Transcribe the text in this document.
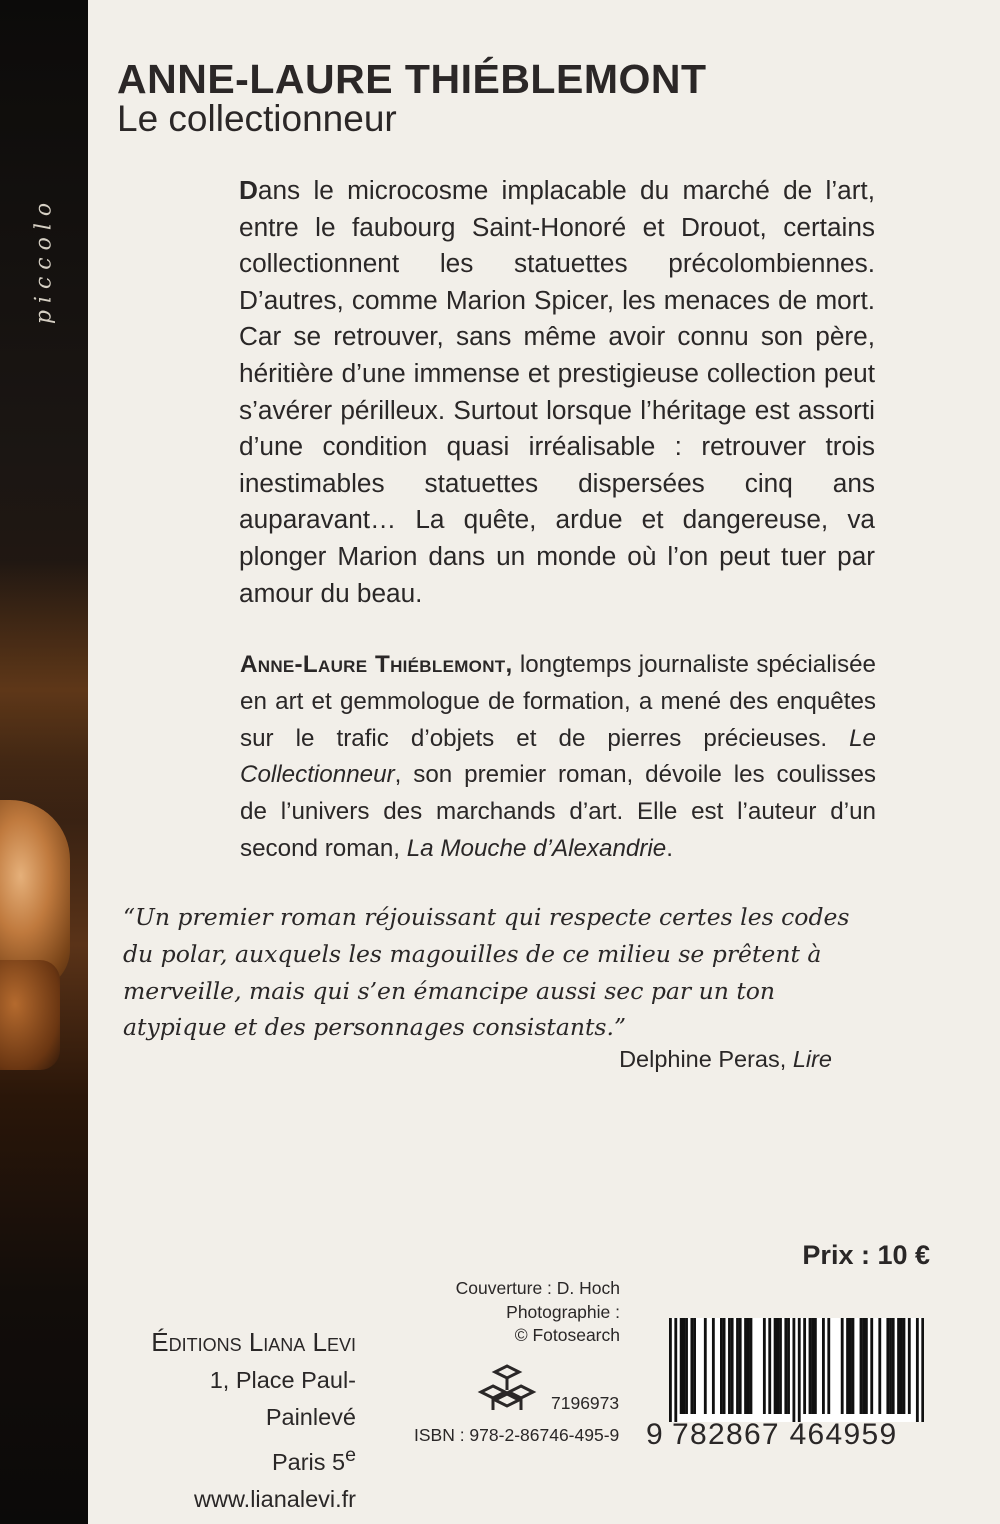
piccolo
ANNE-LAURE THIÉBLEMONT
Le collectionneur

Dans le microcosme implacable du marché de l’art, entre le faubourg Saint-Honoré et Drouot, certains collectionnent les statuettes précolombiennes. D’autres, comme Marion Spicer, les menaces de mort. Car se retrouver, sans même avoir connu son père, héritière d’une immense et prestigieuse collection peut s’avérer périlleux. Surtout lorsque l’héritage est assorti d’une condition quasi irréalisable : retrouver trois inestimables statuettes dispersées cinq ans auparavant… La quête, ardue et dangereuse, va plonger Marion dans un monde où l’on peut tuer par amour du beau.

Anne-Laure Thiéblemont, longtemps journaliste spécialisée en art et gemmologue de formation, a mené des enquêtes sur le trafic d’objets et de pierres précieuses. Le Collectionneur, son premier roman, dévoile les coulisses de l’univers des marchands d’art. Elle est l’auteur d’un second roman, La Mouche d’Alexandrie.

“Un premier roman réjouissant qui respecte certes les codes du polar, auxquels les magouilles de ce milieu se prêtent à merveille, mais qui s’en émancipe aussi sec par un ton atypique et des personnages consistants.”

Delphine Peras, Lire
Prix : 10 €
Éditions Liana Levi
1, Place Paul-Painlevé
Paris 5e
www.lianalevi.fr
Couverture : D. Hoch
Photographie :
© Fotosearch
7196973
ISBN : 978-2-86746-495-9 9 782867 464959
